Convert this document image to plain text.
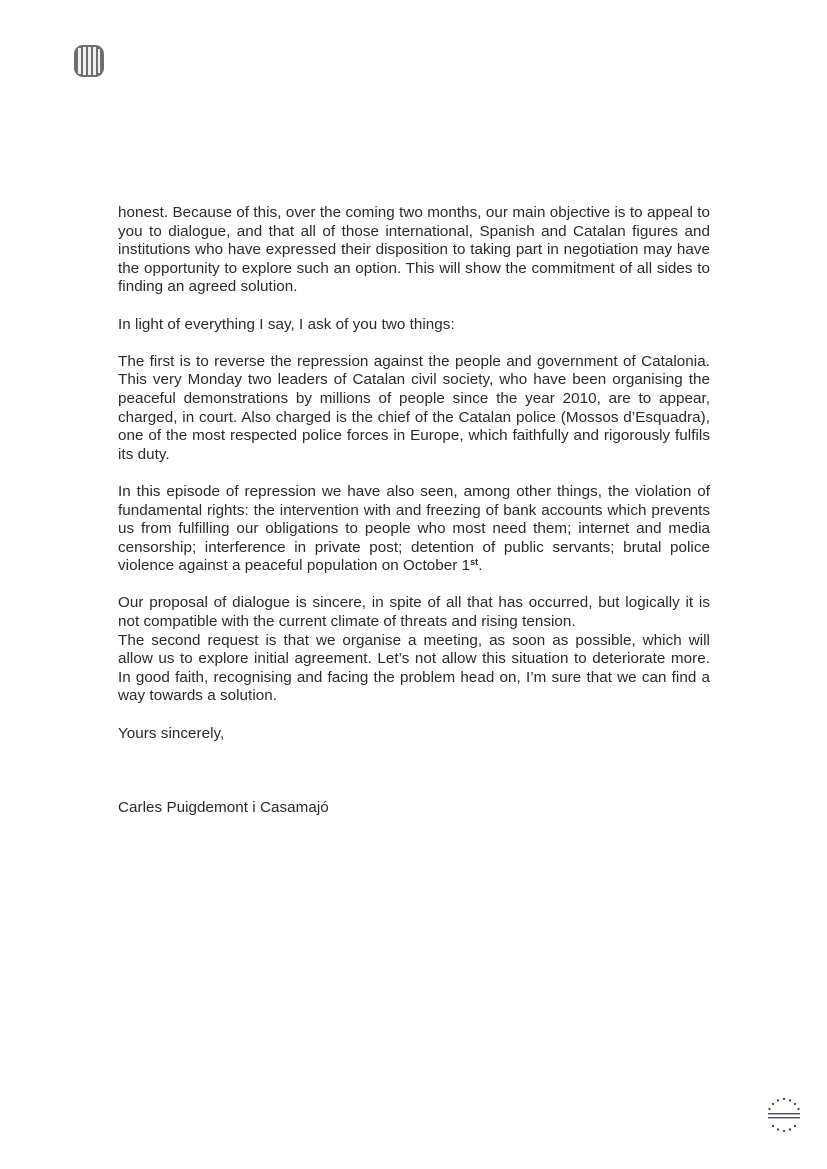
honest. Because of this, over the coming two months, our main objective is to appeal to you to dialogue, and that all of those international, Spanish and Catalan figures and institutions who have expressed their disposition to taking part in negotiation may have the opportunity to explore such an option. This will show the commitment of all sides to finding an agreed solution.

In light of everything I say, I ask of you two things:

The first is to reverse the repression against the people and government of Catalonia. This very Monday two leaders of Catalan civil society, who have been organising the peaceful demonstrations by millions of people since the year 2010, are to appear, charged, in court. Also charged is the chief of the Catalan police (Mossos d’Esquadra), one of the most respected police forces in Europe, which faithfully and rigorously fulfils its duty.

In this episode of repression we have also seen, among other things, the violation of fundamental rights: the intervention with and freezing of bank accounts which prevents us from fulfilling our obligations to people who most need them; internet and media censorship; interference in private post; detention of public servants; brutal police violence against a peaceful population on October 1st.

Our proposal of dialogue is sincere, in spite of all that has occurred, but logically it is not compatible with the current climate of threats and rising tension.

The second request is that we organise a meeting, as soon as possible, which will allow us to explore initial agreement. Let’s not allow this situation to deteriorate more. In good faith, recognising and facing the problem head on, I’m sure that we can find a way towards a solution.

Yours sincerely,

Carles Puigdemont i Casamajó
